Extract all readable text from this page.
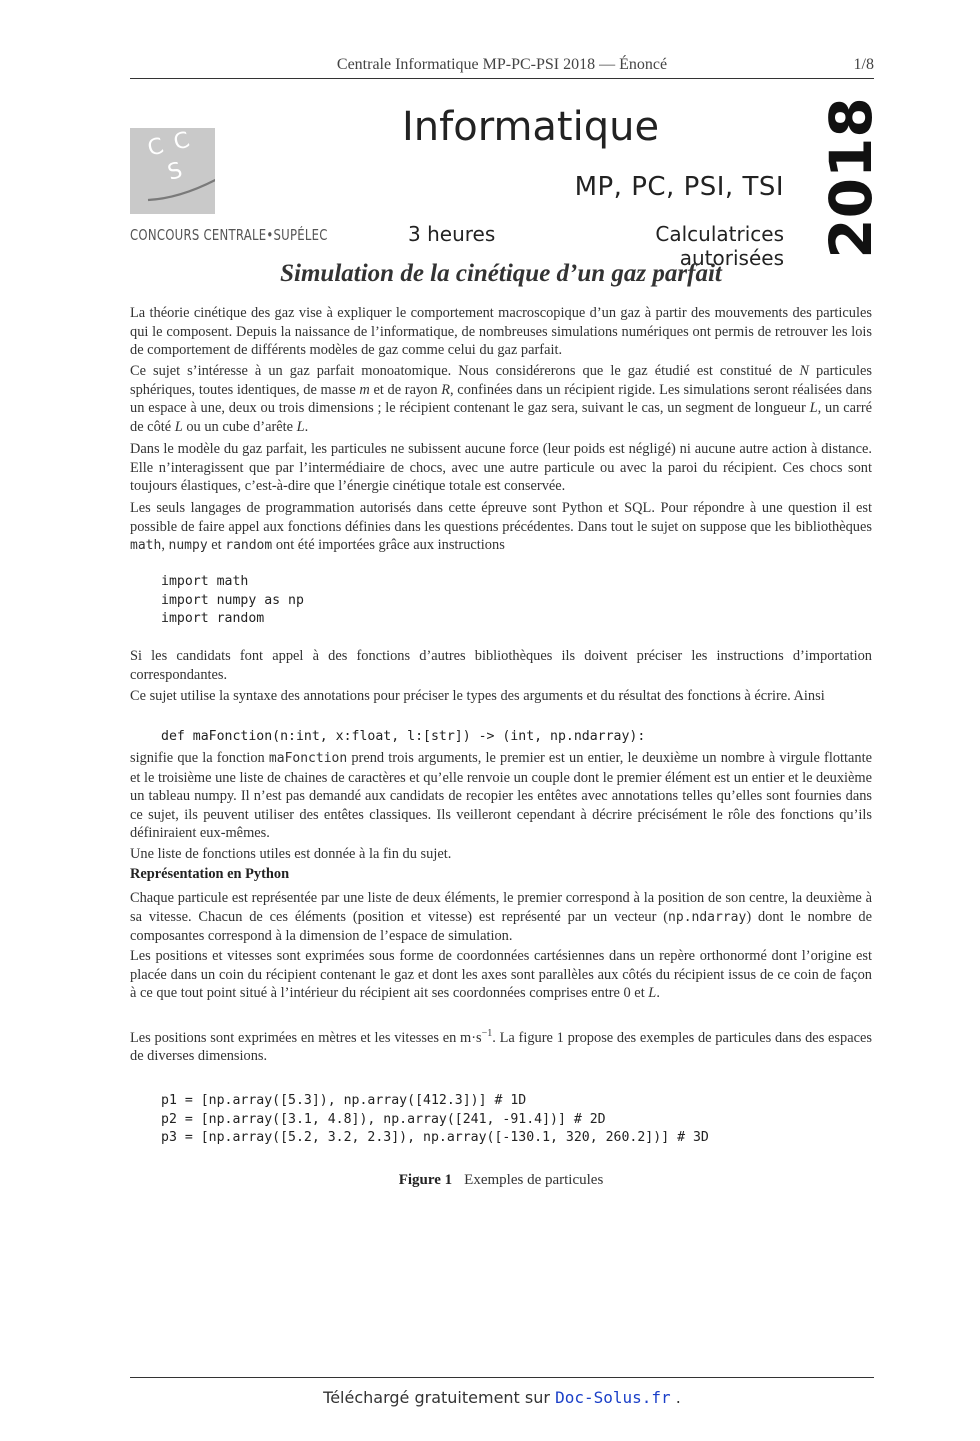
Centrale Informatique MP-PC-PSI 2018 — Énoncé	1/8
C C
S
CONCOURS CENTRALE•SUPÉLEC
Informatique
MP, PC, PSI, TSI
3 heures	Calculatrices autorisées 2018
Simulation de la cinétique d’un gaz parfait

La théorie cinétique des gaz vise à expliquer le comportement macroscopique d’un gaz à partir des mouvements des particules qui le composent. Depuis la naissance de l’informatique, de nombreuses simulations numériques ont permis de retrouver les lois de comportement de différents modèles de gaz comme celui du gaz parfait.

Ce sujet s’intéresse à un gaz parfait monoatomique. Nous considérerons que le gaz étudié est constitué de N particules sphériques, toutes identiques, de masse m et de rayon R, confinées dans un récipient rigide. Les simulations seront réalisées dans un espace à une, deux ou trois dimensions ; le récipient contenant le gaz sera, suivant le cas, un segment de longueur L, un carré de côté L ou un cube d’arête L.

Dans le modèle du gaz parfait, les particules ne subissent aucune force (leur poids est négligé) ni aucune autre action à distance. Elle n’interagissent que par l’intermédiaire de chocs, avec une autre particule ou avec la paroi du récipient. Ces chocs sont toujours élastiques, c’est-à-dire que l’énergie cinétique totale est conservée.

Les seuls langages de programmation autorisés dans cette épreuve sont Python et SQL. Pour répondre à une question il est possible de faire appel aux fonctions définies dans les questions précédentes. Dans tout le sujet on suppose que les bibliothèques math, numpy et random ont été importées grâce aux instructions

import math
import numpy as np
import random

Si les candidats font appel à des fonctions d’autres bibliothèques ils doivent préciser les instructions d’importation correspondantes.

Ce sujet utilise la syntaxe des annotations pour préciser le types des arguments et du résultat des fonctions à écrire. Ainsi

def maFonction(n:int, x:float, l:[str]) -> (int, np.ndarray):

signifie que la fonction maFonction prend trois arguments, le premier est un entier, le deuxième un nombre à virgule flottante et le troisième une liste de chaines de caractères et qu’elle renvoie un couple dont le premier élément est un entier et le deuxième un tableau numpy. Il n’est pas demandé aux candidats de recopier les entêtes avec annotations telles qu’elles sont fournies dans ce sujet, ils peuvent utiliser des entêtes classiques. Ils veilleront cependant à décrire précisément le rôle des fonctions qu’ils définiraient eux-mêmes.

Une liste de fonctions utiles est donnée à la fin du sujet.

Représentation en Python

Chaque particule est représentée par une liste de deux éléments, le premier correspond à la position de son centre, la deuxième à sa vitesse. Chacun de ces éléments (position et vitesse) est représenté par un vecteur (np.ndarray) dont le nombre de composantes correspond à la dimension de l’espace de simulation.

Les positions et vitesses sont exprimées sous forme de coordonnées cartésiennes dans un repère orthonormé dont l’origine est placée dans un coin du récipient contenant le gaz et dont les axes sont parallèles aux côtés du récipient issus de ce coin de façon à ce que tout point situé à l’intérieur du récipient ait ses coordonnées comprises entre 0 et L.

Les positions sont exprimées en mètres et les vitesses en $m\cdot s^{-1}$. La figure 1 propose des exemples de particules dans des espaces de diverses dimensions.

p1 = [np.array([5.3]), np.array([412.3])] # 1D
p2 = [np.array([3.1, 4.8]), np.array([241, -91.4])] # 2D
p3 = [np.array([5.2, 3.2, 2.3]), np.array([-130.1, 320, 260.2])] # 3D
Figure 1 Exemples de particules
Téléchargé gratuitement sur Doc-Solus.fr .
